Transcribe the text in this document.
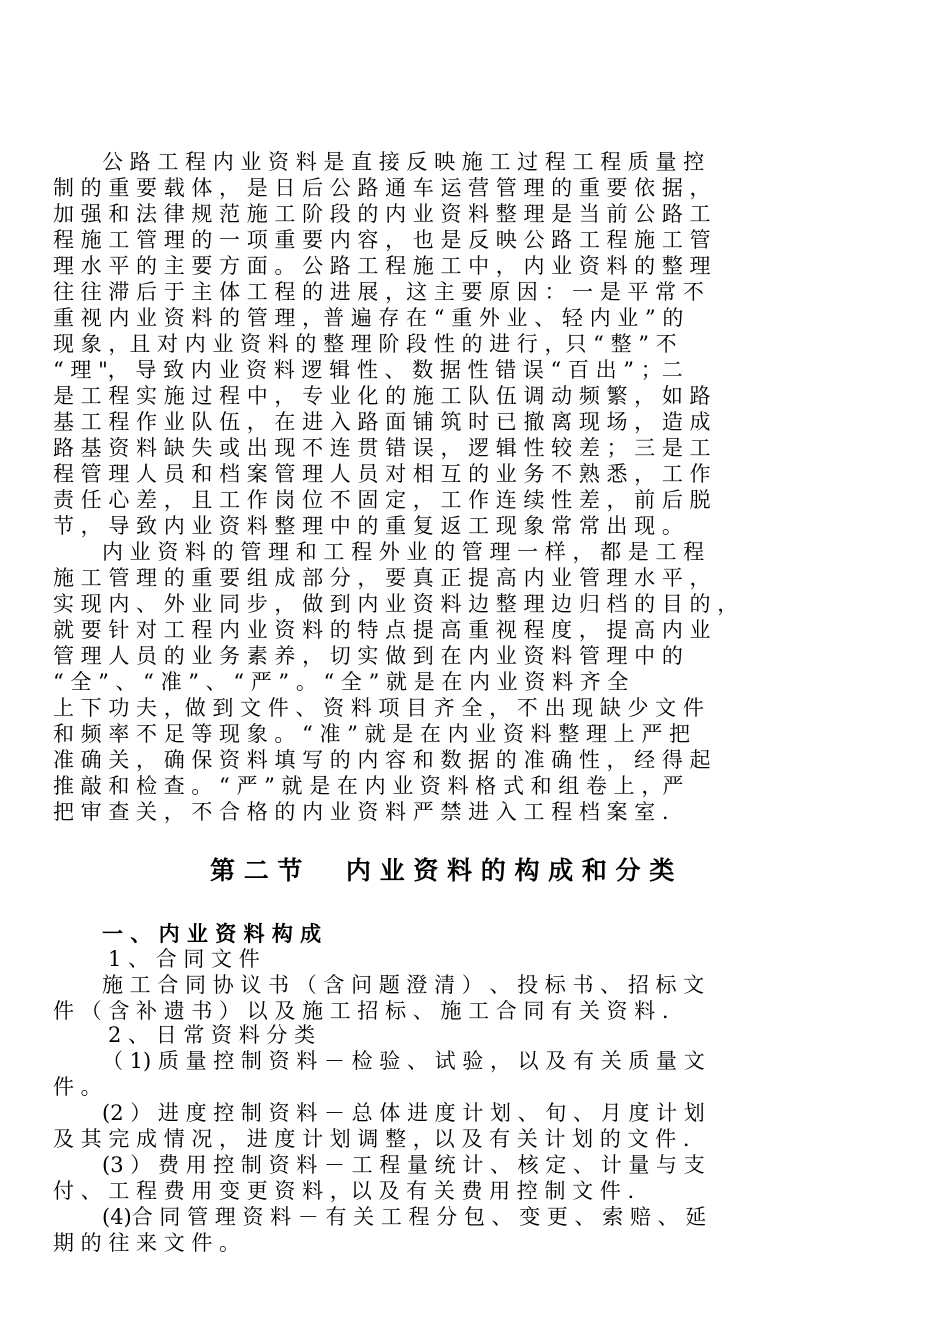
公 路 工 程 内 业 资 料 是 直 接 反 映 施 工 过 程 工 程 质 量 控
制 的 重 要 载 体 ， 是 日 后 公 路 通 车 运 营 管 理 的 重 要 依 据 ，
加 强 和 法 律 规 范 施 工 阶 段 的 内 业 资 料 整 理 是 当 前 公 路 工
程 施 工 管 理 的 一 项 重 要 内 容 ， 也 是 反 映 公 路 工 程 施 工 管
理 水 平 的 主 要 方 面 。 公 路 工 程 施 工 中 ， 内 业 资 料 的 整 理
往 往 滞 后 于 主 体 工 程 的 进 展 ，这 主 要 原 因 ： 一 是 平 常 不
重 视 内 业 资 料 的 管 理 ，普 遍 存 在 “ 重 外 业 、 轻 内 业 ” 的
现 象 ，且 对 内 业 资 料 的 整 理 阶 段 性 的 进 行 ，只 “ 整 ” 不
“ 理 "， 导 致 内 业 资 料 逻 辑 性 、 数 据 性 错 误 “ 百 出 ” ；二
是 工 程 实 施 过 程 中 ， 专 业 化 的 施 工 队 伍 调 动 频 繁 ， 如 路
基 工 程 作 业 队 伍 ， 在 进 入 路 面 铺 筑 时 已 撤 离 现 场 ， 造 成
路 基 资 料 缺 失 或 出 现 不 连 贯 错 误 ， 逻 辑 性 较 差 ； 三 是 工
程 管 理 人 员 和 档 案 管 理 人 员 对 相 互 的 业 务 不 熟 悉 ， 工 作
责 任 心 差 ， 且 工 作 岗 位 不 固 定 ， 工 作 连 续 性 差 ， 前 后 脱
节 ， 导 致 内 业 资 料 整 理 中 的 重 复 返 工 现 象 常 常 出 现 。
内 业 资 料 的 管 理 和 工 程 外 业 的 管 理 一 样 ， 都 是 工 程
施 工 管 理 的 重 要 组 成 部 分 ， 要 真 正 提 高 内 业 管 理 水 平 ，
实 现 内 、 外 业 同 步 ， 做 到 内 业 资 料 边 整 理 边 归 档 的 目 的 ，
就 要 针 对 工 程 内 业 资 料 的 特 点 提 高 重 视 程 度 ， 提 高 内 业
管 理 人 员 的 业 务 素 养 ， 切 实 做 到 在 内 业 资 料 管 理 中 的
“ 全 ” 、 “ 准 ” 、 “ 严 ” 。 “ 全 ” 就 是 在 内 业 资 料 齐 全
上 下 功 夫 ，做 到 文 件 、 资 料 项 目 齐 全 ， 不 出 现 缺 少 文 件
和 频 率 不 足 等 现 象 。 “ 准 ” 就 是 在 内 业 资 料 整 理 上 严 把
准 确 关 ， 确 保 资 料 填 写 的 内 容 和 数 据 的 准 确 性 ， 经 得 起
推 敲 和 检 查 。 “ 严 ” 就 是 在 内 业 资 料 格 式 和 组 卷 上 ，严
把 审 查 关 ， 不 合 格 的 内 业 资 料 严 禁 进 入 工 程 档 案 室 .
第 二 节     内 业 资 料 的 构 成 和 分 类
一 、 内 业 资 料 构 成
1 、 合 同 文 件
施 工 合 同 协 议 书 （ 含 问 题 澄 清 ） 、 投 标 书 、 招 标 文
件 （ 含 补 遗 书 ） 以 及 施 工 招 标 、 施 工 合 同 有 关 资 料 .
2 、 日 常 资 料 分 类
（ 1) 质 量 控 制 资 料 － 检 验 、 试 验 ， 以 及 有 关 质 量 文
件 。
(2 ） 进 度 控 制 资 料 － 总 体 进 度 计 划 、 旬 、 月 度 计 划
及 其 完 成 情 况 ， 进 度 计 划 调 整 ，以 及 有 关 计 划 的 文 件 .
(3 ） 费 用 控 制 资 料 － 工 程 量 统 计 、 核 定 、 计 量 与 支
付 、 工 程 费 用 变 更 资 料 ，以 及 有 关 费 用 控 制 文 件 .
(4)合 同 管 理 资 料 － 有 关 工 程 分 包 、 变 更 、 索 赔 、 延
期 的 往 来 文 件 。
